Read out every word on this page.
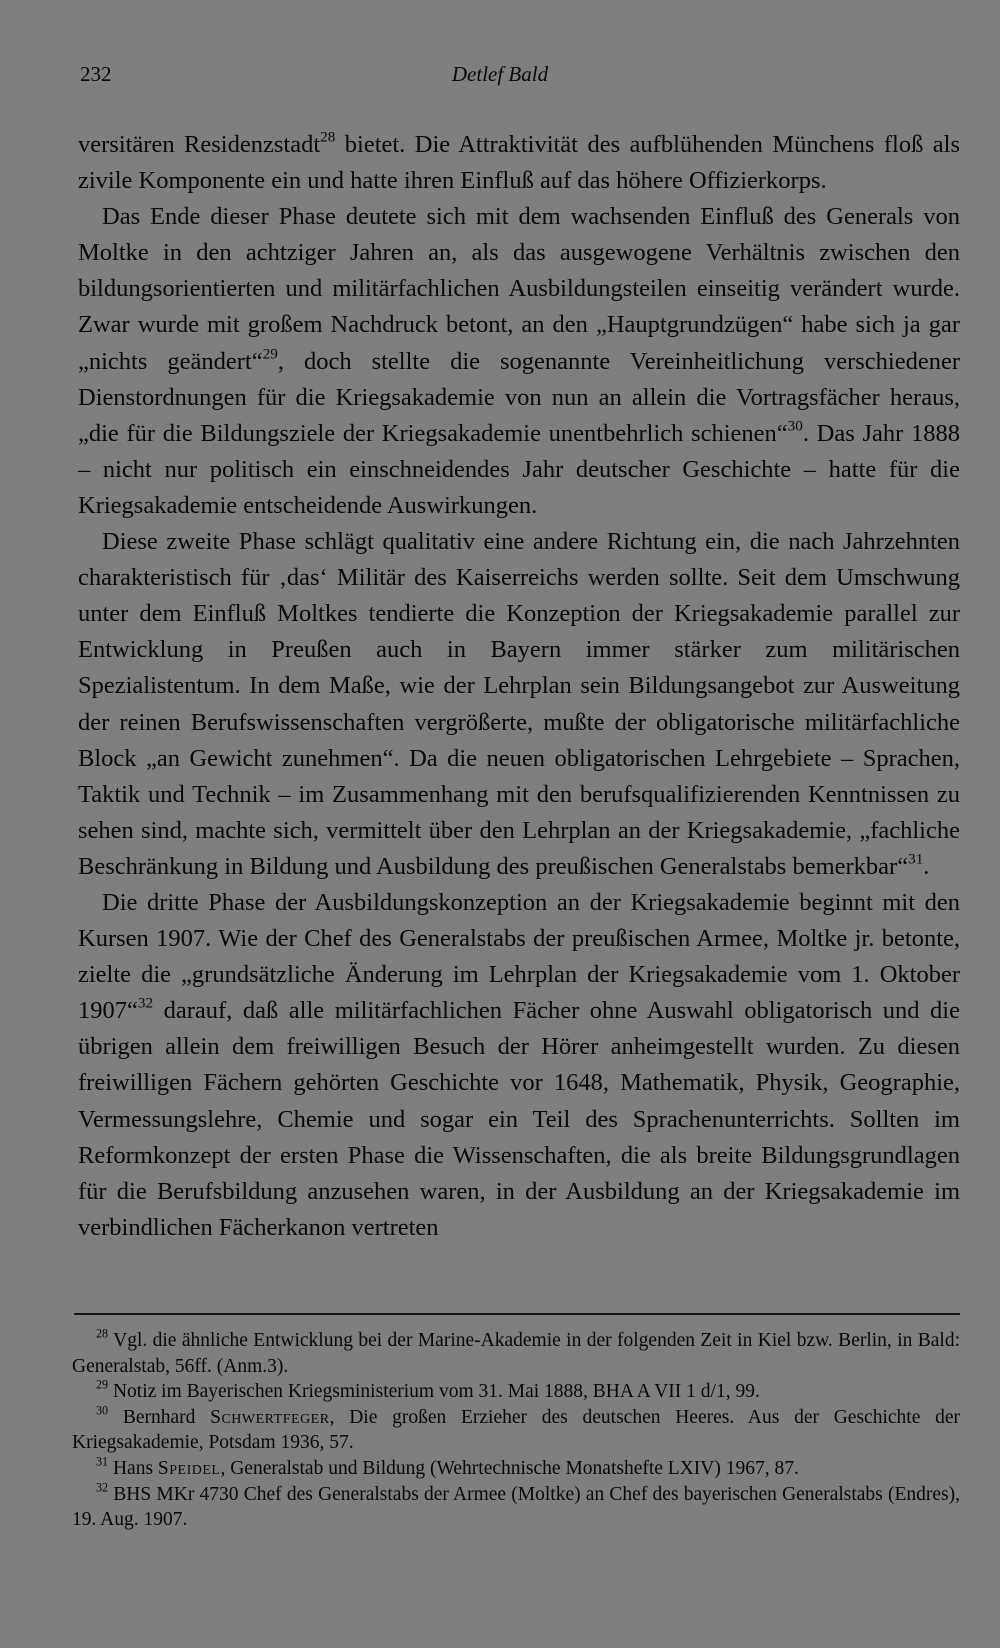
232	Detlef Bald

versitären Residenzstadt$^{28}$ bietet. Die Attraktivität des aufblühenden Münchens floß als zivile Komponente ein und hatte ihren Einfluß auf das höhere Offizierkorps.

Das Ende dieser Phase deutete sich mit dem wachsenden Einfluß des Generals von Moltke in den achtziger Jahren an, als das ausgewogene Verhältnis zwischen den bildungsorientierten und militärfachlichen Ausbildungsteilen einseitig verändert wurde. Zwar wurde mit großem Nachdruck betont, an den „Hauptgrundzügen“ habe sich ja gar „nichts geändert“$^{29}$, doch stellte die sogenannte Vereinheitlichung verschiedener Dienstordnungen für die Kriegsakademie von nun an allein die Vortragsfächer heraus, „die für die Bildungsziele der Kriegsakademie unentbehrlich schienen“$^{30}$. Das Jahr 1888 – nicht nur politisch ein einschneidendes Jahr deutscher Geschichte – hatte für die Kriegsakademie entscheidende Auswirkungen.

Diese zweite Phase schlägt qualitativ eine andere Richtung ein, die nach Jahrzehnten charakteristisch für ‚das‘ Militär des Kaiserreichs werden sollte. Seit dem Umschwung unter dem Einfluß Moltkes tendierte die Konzeption der Kriegsakademie parallel zur Entwicklung in Preußen auch in Bayern immer stärker zum militärischen Spezialistentum. In dem Maße, wie der Lehrplan sein Bildungsangebot zur Ausweitung der reinen Berufswissenschaften vergrößerte, mußte der obligatorische militärfachliche Block „an Gewicht zunehmen“. Da die neuen obligatorischen Lehrgebiete – Sprachen, Taktik und Technik – im Zusammenhang mit den berufsqualifizierenden Kenntnissen zu sehen sind, machte sich, vermittelt über den Lehrplan an der Kriegsakademie, „fachliche Beschränkung in Bildung und Ausbildung des preußischen Generalstabs bemerkbar“$^{31}$.

Die dritte Phase der Ausbildungskonzeption an der Kriegsakademie beginnt mit den Kursen 1907. Wie der Chef des Generalstabs der preußischen Armee, Moltke jr. betonte, zielte die „grundsätzliche Änderung im Lehrplan der Kriegsakademie vom 1. Oktober 1907“$^{32}$ darauf, daß alle militärfachlichen Fächer ohne Auswahl obligatorisch und die übrigen allein dem freiwilligen Besuch der Hörer anheimgestellt wurden. Zu diesen freiwilligen Fächern gehörten Geschichte vor 1648, Mathematik, Physik, Geographie, Vermessungslehre, Chemie und sogar ein Teil des Sprachenunterrichts. Sollten im Reformkonzept der ersten Phase die Wissenschaften, die als breite Bildungsgrundlagen für die Berufsbildung anzusehen waren, in der Ausbildung an der Kriegsakademie im verbindlichen Fächerkanon vertreten

$^{28}$ Vgl. die ähnliche Entwicklung bei der Marine-Akademie in der folgenden Zeit in Kiel bzw. Berlin, in Bald: Generalstab, 56ff. (Anm.3).

$^{29}$ Notiz im Bayerischen Kriegsministerium vom 31. Mai 1888, BHA A VII 1 d/1, 99.

$^{30}$ Bernhard Schwertfeger, Die großen Erzieher des deutschen Heeres. Aus der Geschichte der Kriegsakademie, Potsdam 1936, 57.

$^{31}$ Hans Speidel, Generalstab und Bildung (Wehrtechnische Monatshefte LXIV) 1967, 87.

$^{32}$ BHS MKr 4730 Chef des Generalstabs der Armee (Moltke) an Chef des bayerischen Generalstabs (Endres), 19. Aug. 1907.
